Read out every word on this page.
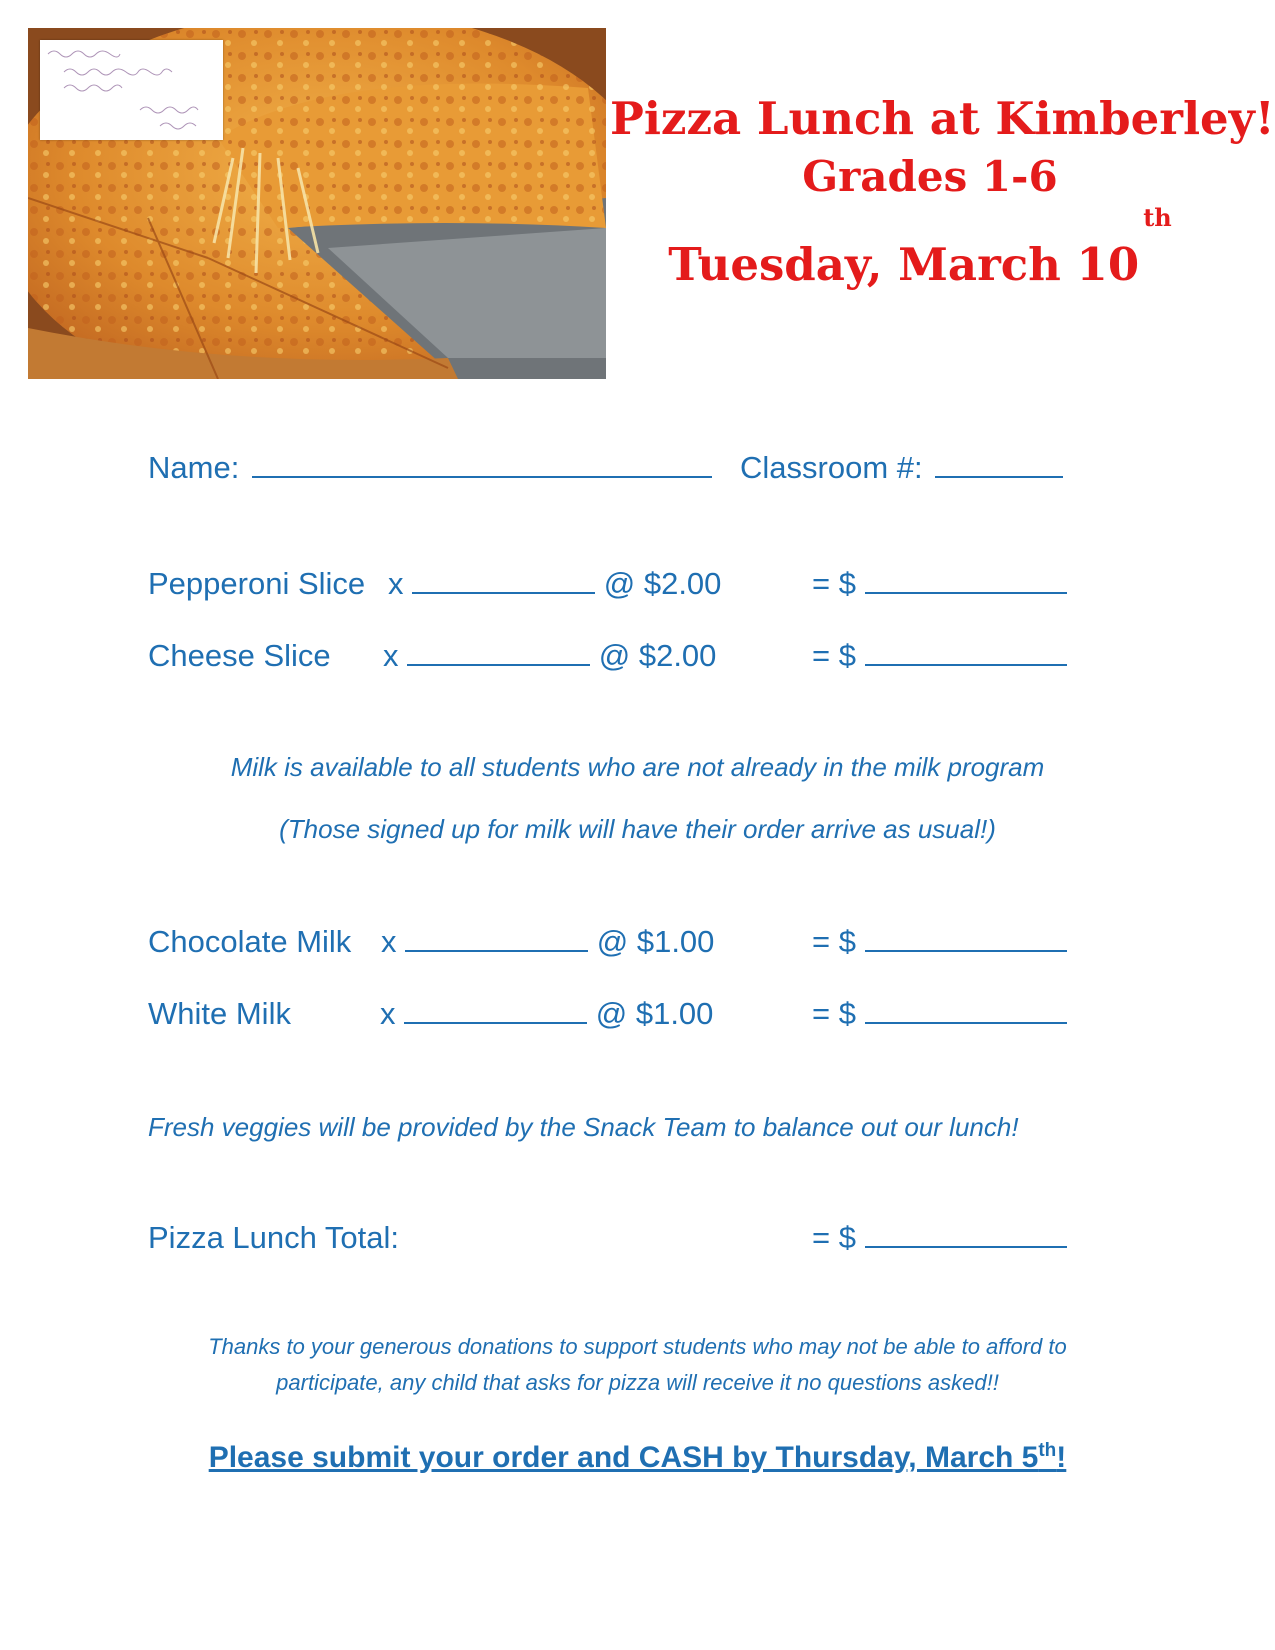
Pizza Lunch at Kimberley!
Grades 1-6
Tuesday, March 10th
Name:	Classroom #:
Pepperoni Slice x	@ $2.00	= $
Cheese Slice x	@ $2.00	= $
Milk is available to all students who are not already in the milk program
(Those signed up for milk will have their order arrive as usual!)
Chocolate Milk x	@ $1.00	= $
White Milk	x	@ $1.00	= $
Fresh veggies will be provided by the Snack Team to balance out our lunch!
Pizza Lunch Total:	= $
Thanks to your generous donations to support students who may not be able to afford to
participate, any child that asks for pizza will receive it no questions asked!!
Please submit your order and CASH by Thursday, March 5th!
